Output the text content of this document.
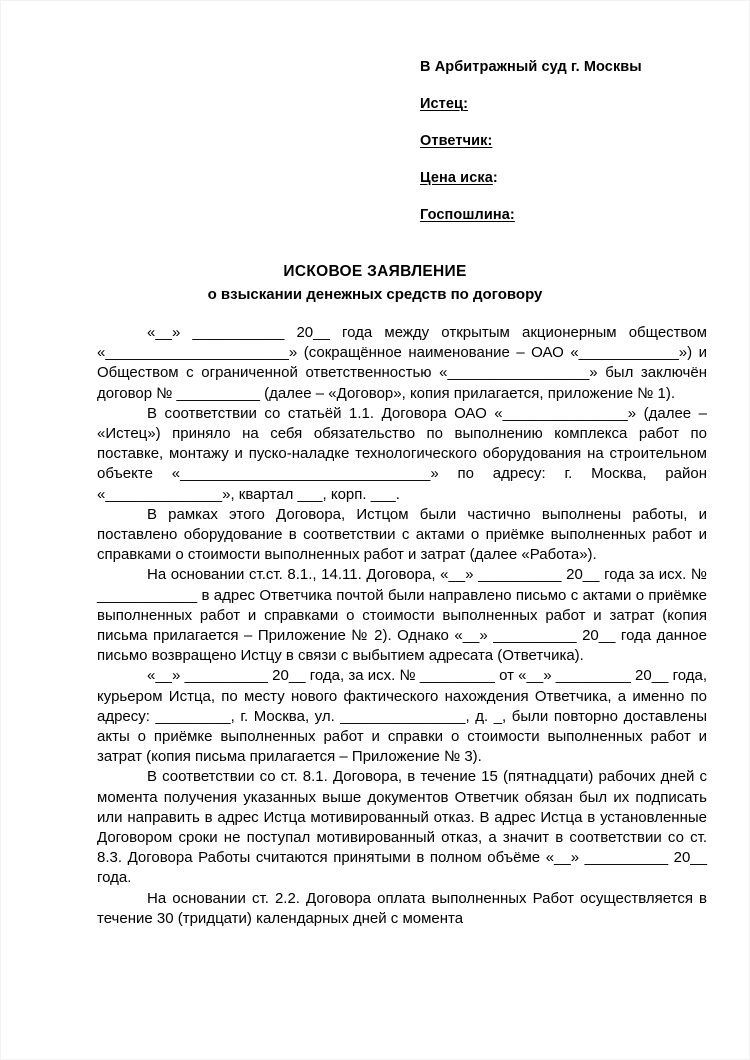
В Арбитражный суд г. Москвы
Истец:
Ответчик:
Цена иска:
Госпошлина:
ИСКОВОЕ ЗАЯВЛЕНИЕ
о взыскании денежных средств по договору

«__» ___________ 20__ года между открытым акционерным обществом «______________________» (сокращённое наименование – ОАО «____________») и Обществом с ограниченной ответственностью «_________________» был заключён договор № __________ (далее – «Договор», копия прилагается, приложение № 1).

В соответствии со статьёй 1.1. Договора ОАО «_______________» (далее – «Истец») приняло на себя обязательство по выполнению комплекса работ по поставке, монтажу и пуско-наладке технологического оборудования на строительном объекте «______________________________» по адресу: г. Москва, район «______________», квартал ___, корп. ___.

В рамках этого Договора, Истцом были частично выполнены работы, и поставлено оборудование в соответствии с актами о приёмке выполненных работ и справками о стоимости выполненных работ и затрат (далее «Работа»).

На основании ст.ст. 8.1., 14.11. Договора, «__» __________ 20__ года за исх. № ____________ в адрес Ответчика почтой были направлено письмо с актами о приёмке выполненных работ и справками о стоимости выполненных работ и затрат (копия письма прилагается – Приложение № 2). Однако «__» __________ 20__ года данное письмо возвращено Истцу в связи с выбытием адресата (Ответчика).

«__» __________ 20__ года, за исх. № _________ от «__» _________ 20__ года, курьером Истца, по месту нового фактического нахождения Ответчика, а именно по адресу: _________, г. Москва, ул. _______________, д. _, были повторно доставлены акты о приёмке выполненных работ и справки о стоимости выполненных работ и затрат (копия письма прилагается – Приложение № 3).

В соответствии со ст. 8.1. Договора, в течение 15 (пятнадцати) рабочих дней с момента получения указанных выше документов Ответчик обязан был их подписать или направить в адрес Истца мотивированный отказ. В адрес Истца в установленные Договором сроки не поступал мотивированный отказ, а значит в соответствии со ст. 8.3. Договора Работы считаются принятыми в полном объёме «__» __________ 20__ года.

На основании ст. 2.2. Договора оплата выполненных Работ осуществляется в течение 30 (тридцати) календарных дней с момента
